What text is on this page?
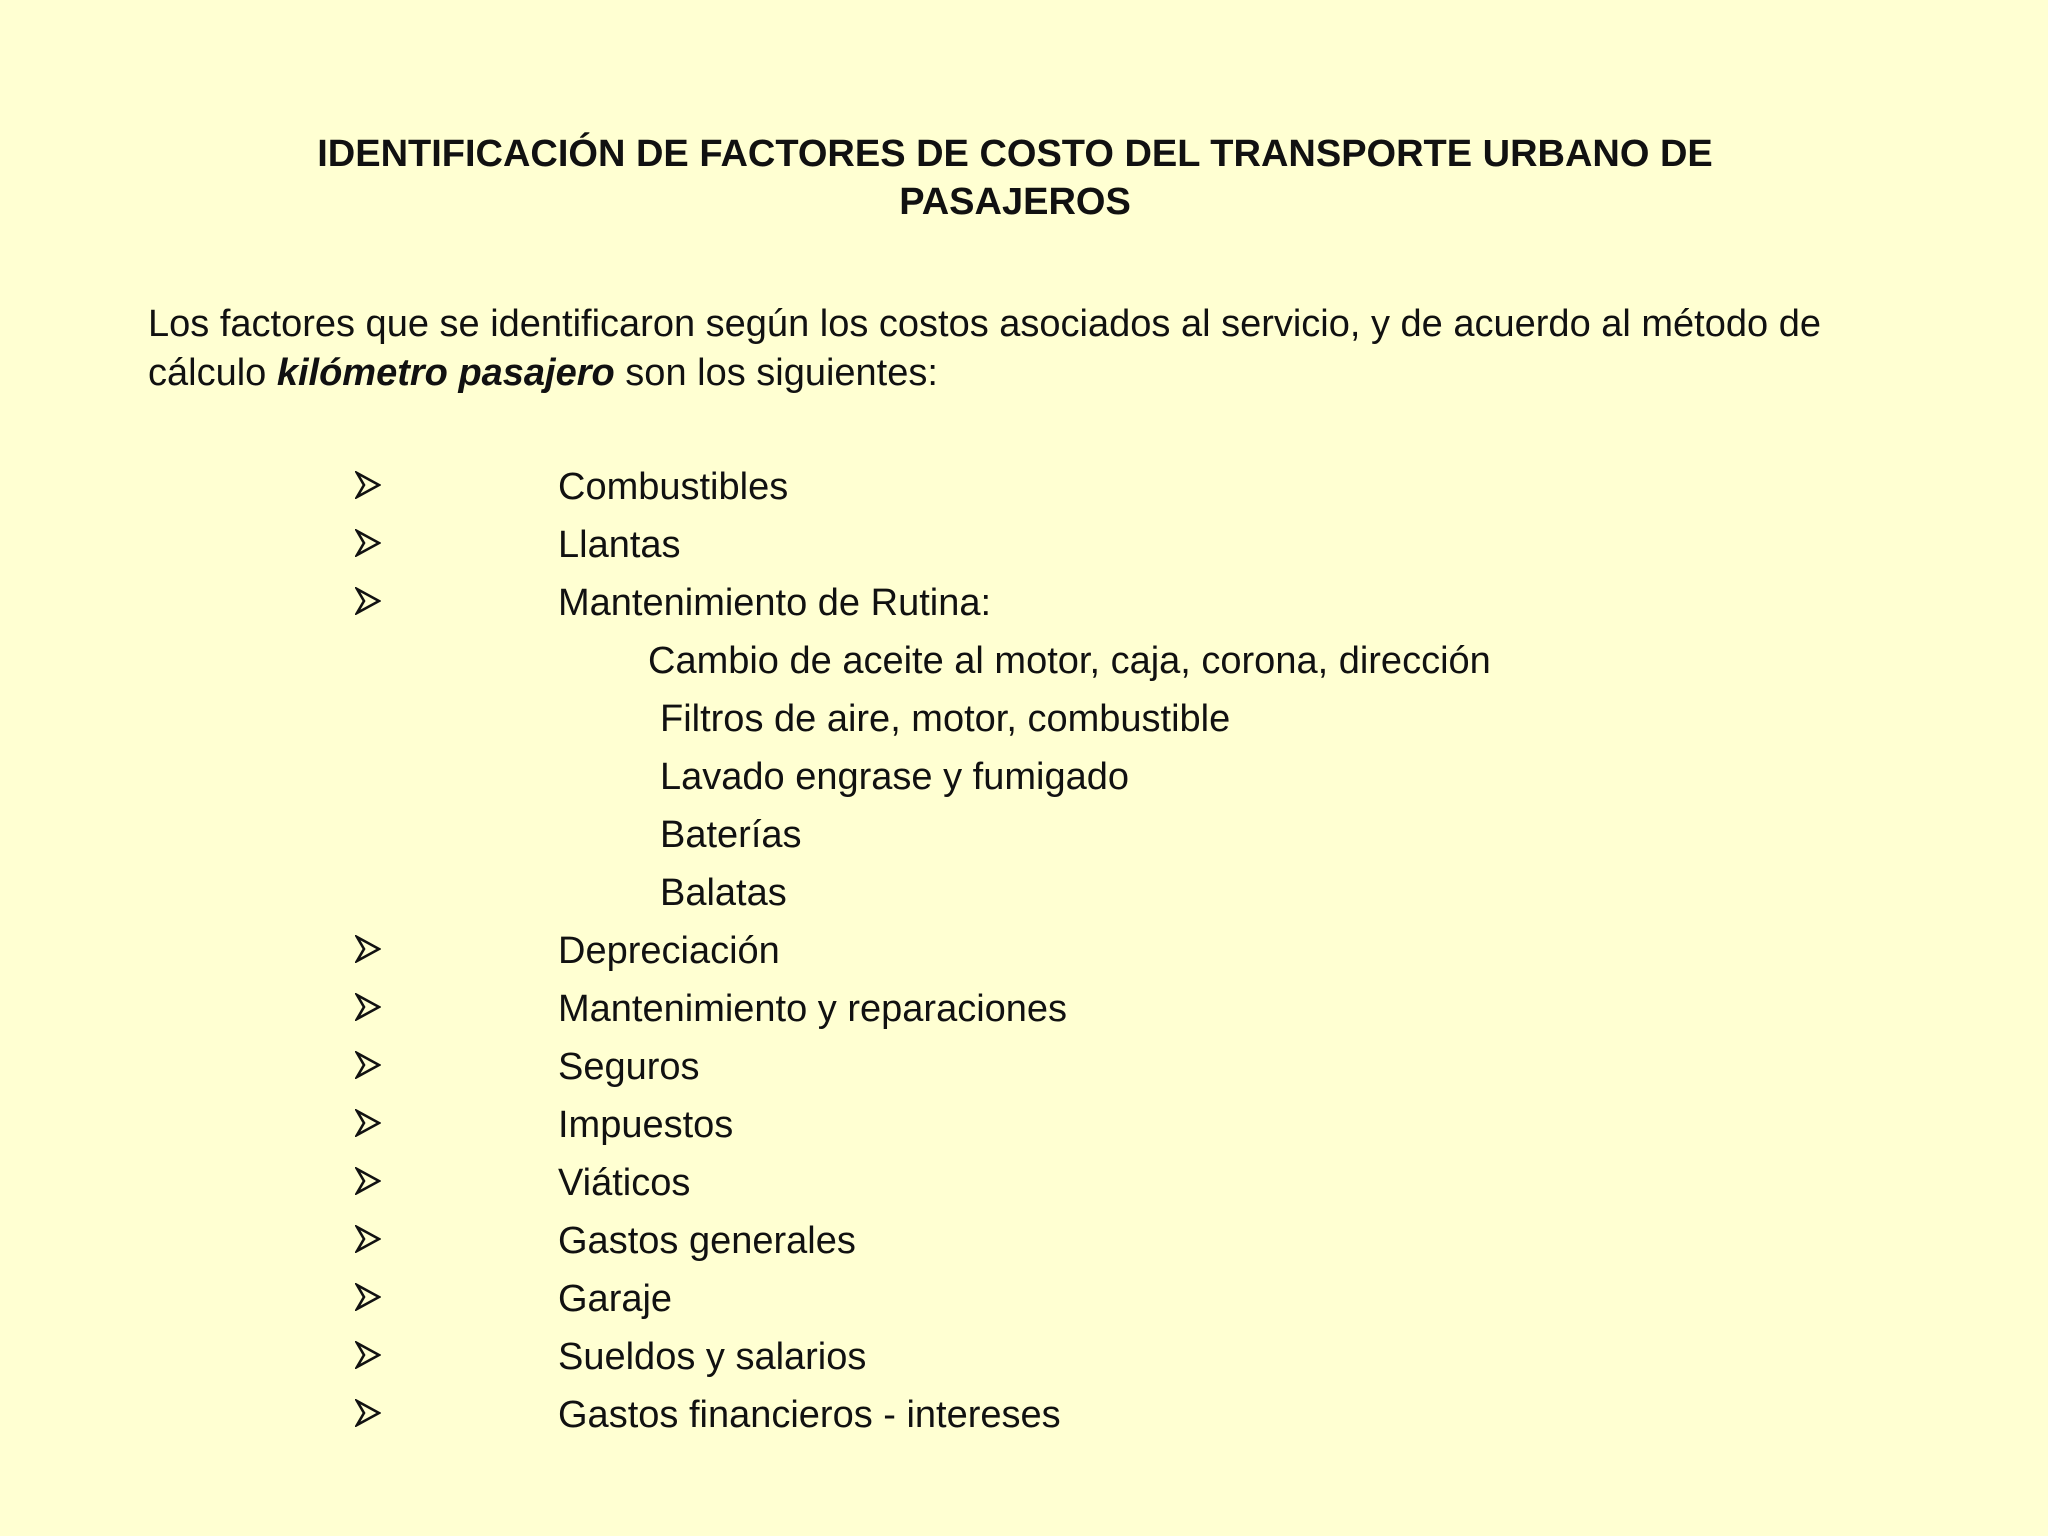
IDENTIFICACIÓN DE FACTORES DE COSTO DEL TRANSPORTE URBANO DE
PASAJEROS
Los factores que se identificaron según los costos asociados al servicio, y de acuerdo al método de cálculo kilómetro pasajero son los siguientes:
Combustibles
Llantas
Mantenimiento de Rutina:
Cambio de aceite al motor, caja, corona, dirección
Filtros de aire, motor, combustible
Lavado engrase y fumigado
Baterías
Balatas
Depreciación
Mantenimiento y reparaciones
Seguros
Impuestos
Viáticos
Gastos generales
Garaje
Sueldos y salarios
Gastos financieros - intereses
